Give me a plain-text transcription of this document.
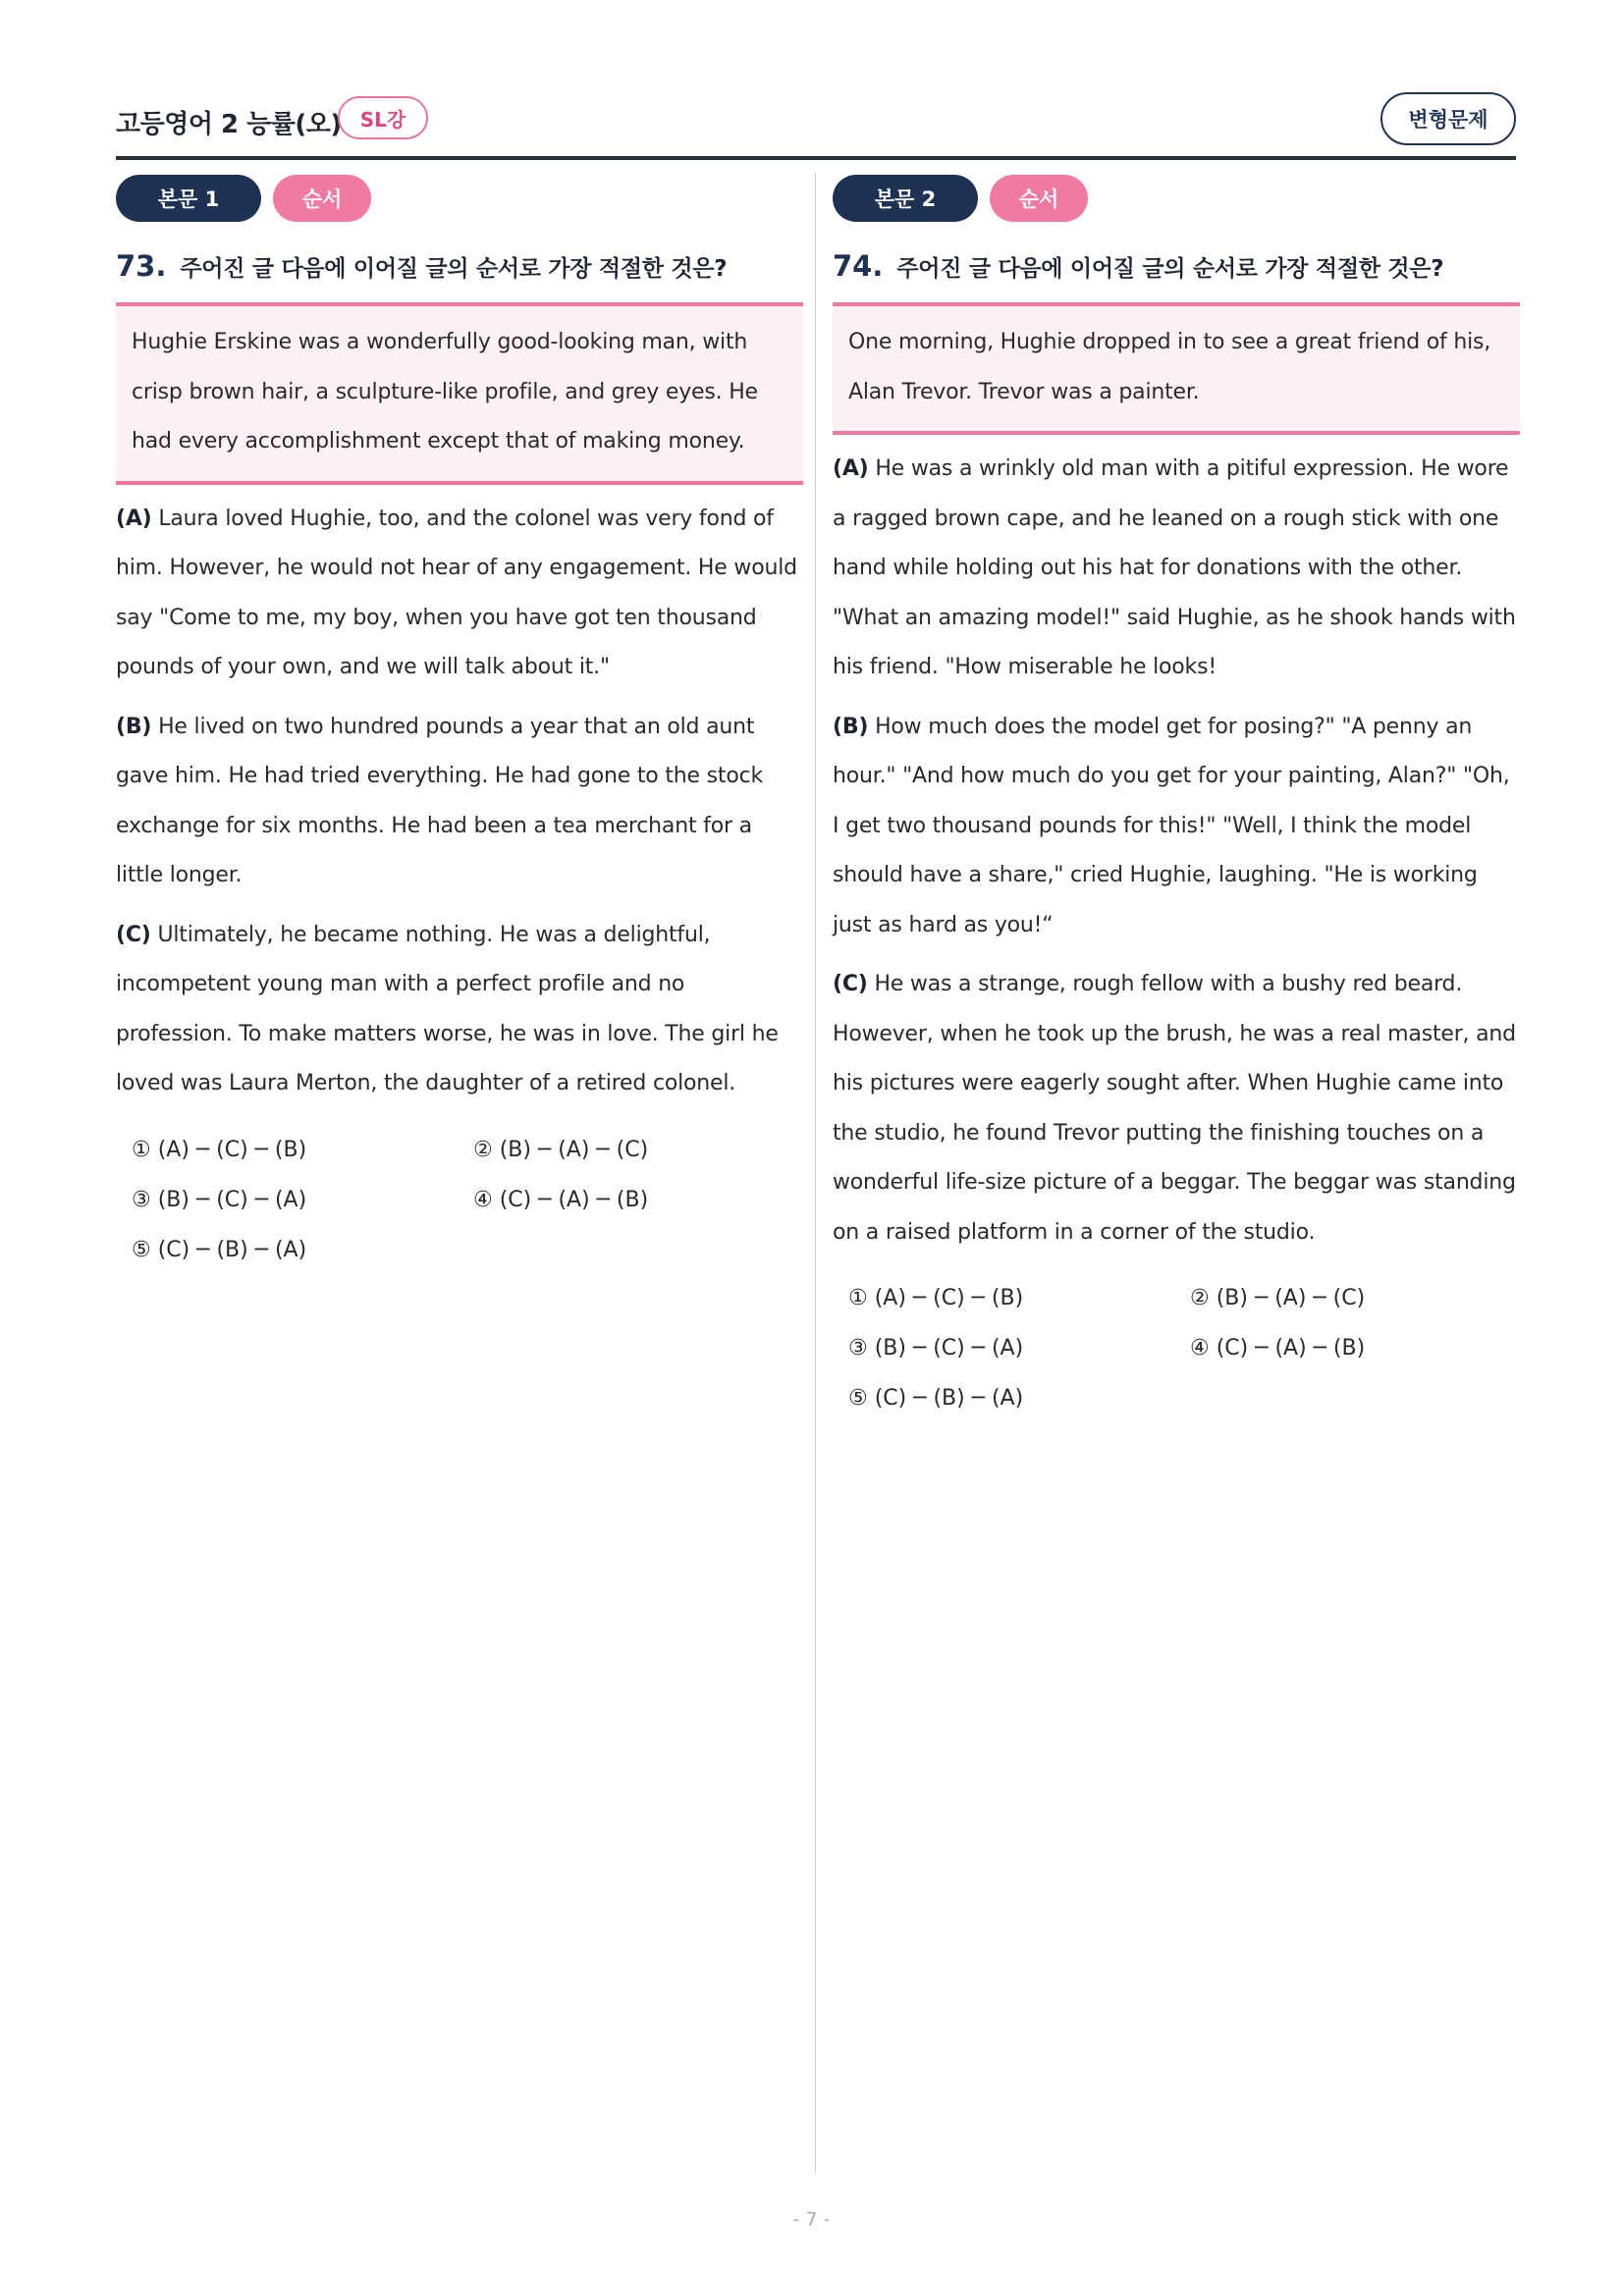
고등영어 2 능률(오) SL강	변형문제
본문 1	순서
73. 주어진 글 다음에 이어질 글의 순서로 가장 적절한 것은?

Hughie Erskine was a wonderfully good-looking man, with crisp brown hair, a sculpture-like profile, and grey eyes. He had every accomplishment except that of making money.

(A) Laura loved Hughie, too, and the colonel was very fond of him. However, he would not hear of any engagement. He would say "Come to me, my boy, when you have got ten thousand pounds of your own, and we will talk about it."

(B) He lived on two hundred pounds a year that an old aunt gave him. He had tried everything. He had gone to the stock exchange for six months. He had been a tea merchant for a little longer.

(C) Ultimately, he became nothing. He was a delightful, incompetent young man with a perfect profile and no profession. To make matters worse, he was in love. The girl he loved was Laura Merton, the daughter of a retired colonel.

① (A) ─ (C) ─ (B)	② (B) ─ (A) ─ (C)
③ (B) ─ (C) ─ (A)	④ (C) ─ (A) ─ (B)
⑤ (C) ─ (B) ─ (A)
본문 2	순서
74. 주어진 글 다음에 이어질 글의 순서로 가장 적절한 것은?

One morning, Hughie dropped in to see a great friend of his, Alan Trevor. Trevor was a painter.

(A) He was a wrinkly old man with a pitiful expression. He wore a ragged brown cape, and he leaned on a rough stick with one hand while holding out his hat for donations with the other. "What an amazing model!" said Hughie, as he shook hands with his friend. "How miserable he looks!

(B) How much does the model get for posing?" "A penny an hour." "And how much do you get for your painting, Alan?" "Oh, I get two thousand pounds for this!" "Well, I think the model should have a share," cried Hughie, laughing. "He is working just as hard as you!“

(C) He was a strange, rough fellow with a bushy red beard. However, when he took up the brush, he was a real master, and his pictures were eagerly sought after. When Hughie came into the studio, he found Trevor putting the finishing touches on a wonderful life-size picture of a beggar. The beggar was standing on a raised platform in a corner of the studio.

① (A) ─ (C) ─ (B)	② (B) ─ (A) ─ (C)
③ (B) ─ (C) ─ (A)	④ (C) ─ (A) ─ (B)
⑤ (C) ─ (B) ─ (A)
- 7 -
